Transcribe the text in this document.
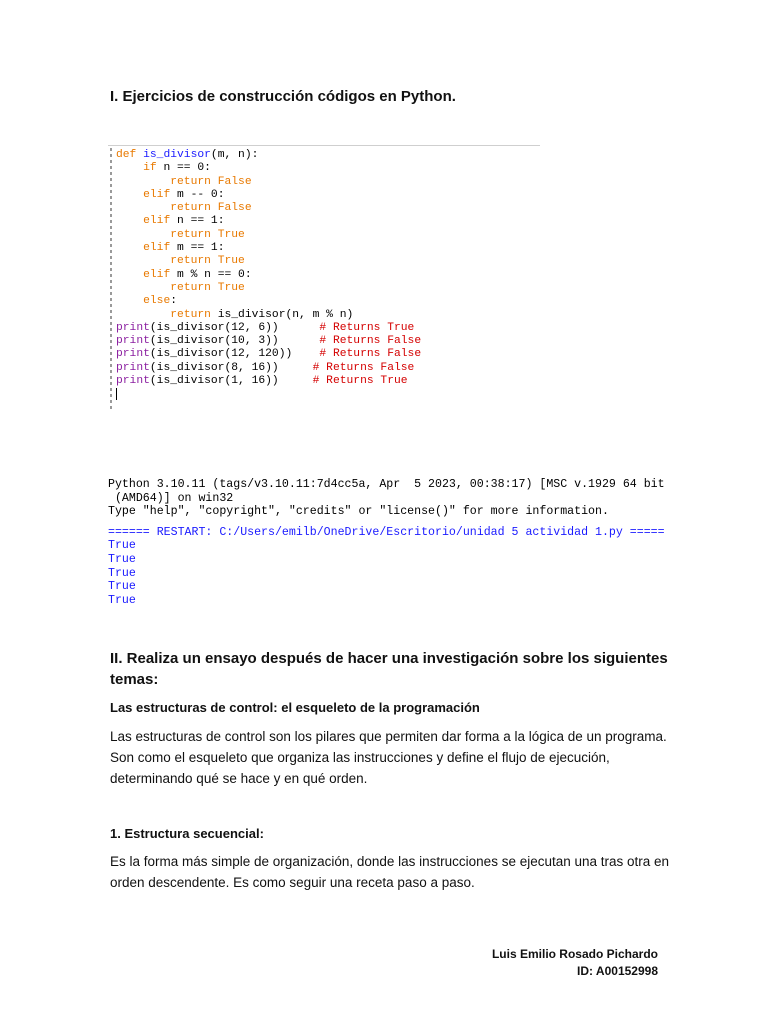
I. Ejercicios de construcción códigos en Python.
def is_divisor(m, n):
if n == 0:
return False
elif m -- 0:
return False
elif n == 1:
return True
elif m == 1:
return True
elif m % n == 0:
return True
else:
return is_divisor(n, m % n)
print(is_divisor(12, 6))	# Returns True
print(is_divisor(10, 3))	# Returns False
print(is_divisor(12, 120)) # Returns False
print(is_divisor(8, 16))	# Returns False
print(is_divisor(1, 16))	# Returns True

Python 3.10.11 (tags/v3.10.11:7d4cc5a, Apr  5 2023, 00:38:17) [MSC v.1929 64 bit
(AMD64)] on win32
Type "help", "copyright", "credits" or "license()" for more information.
====== RESTART: C:/Users/emilb/OneDrive/Escritorio/unidad 5 actividad 1.py =====
True
True
True
True
True
II. Realiza un ensayo después de hacer una investigación sobre los siguientes temas:
Las estructuras de control: el esqueleto de la programación
Las estructuras de control son los pilares que permiten dar forma a la lógica de un programa. Son como el esqueleto que organiza las instrucciones y define el flujo de ejecución, determinando qué se hace y en qué orden.
1. Estructura secuencial:
Es la forma más simple de organización, donde las instrucciones se ejecutan una tras otra en orden descendente. Es como seguir una receta paso a paso.
Luis Emilio Rosado Pichardo
ID: A00152998
